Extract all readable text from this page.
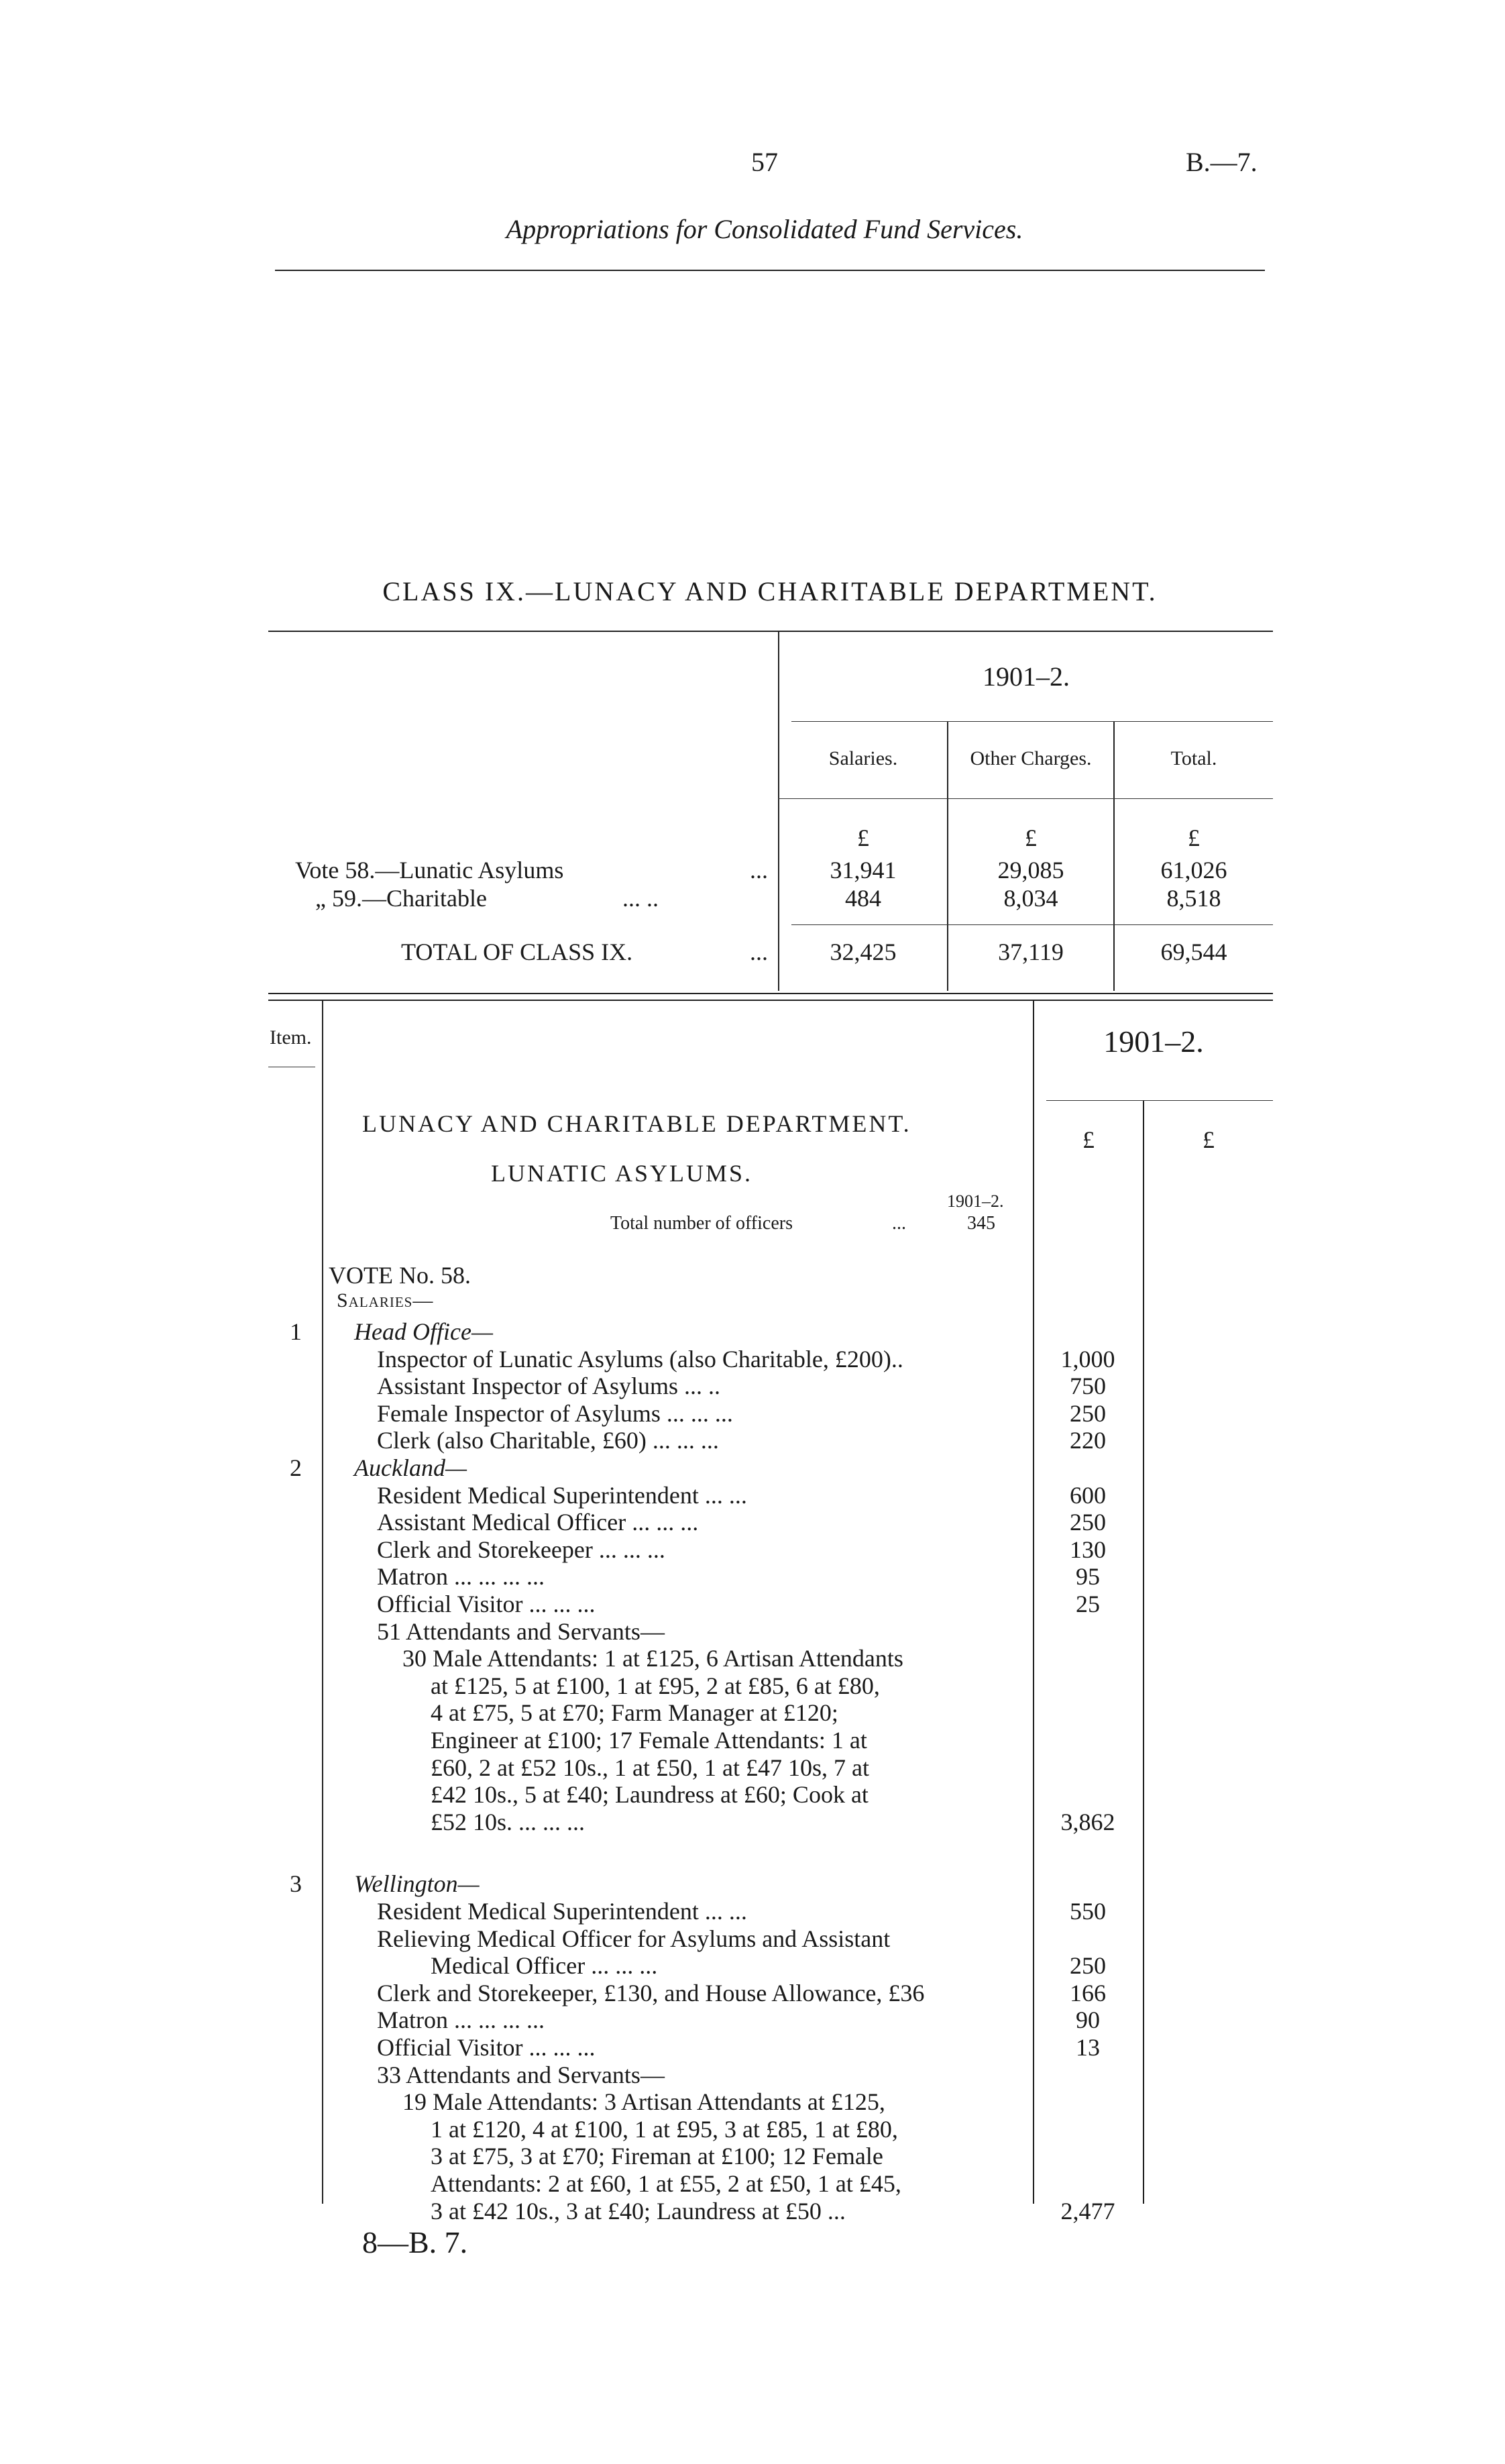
57	B.—7.
Appropriations for Consolidated Fund Services.
CLASS IX.—LUNACY AND CHARITABLE DEPARTMENT.
1901–2.
Salaries.	Other Charges.	Total.
£	£	£
Vote 58.—Lunatic Asylums	...	31,941	29,085	61,026
„ 59.—Charitable	... ..	484	8,034	8,518
TOTAL OF CLASS IX.	...	32,425	37,119	69,544
Item.	1901–2.
£	£
LUNACY AND CHARITABLE DEPARTMENT.
LUNATIC ASYLUMS.
1901–2.
Total number of officers	...	345
VOTE No. 58.
Salaries—
1 Head Office—
Inspector of Lunatic Asylums (also Charitable, £200)..	1,000
Assistant Inspector of Asylums ... ..	750
Female Inspector of Asylums ... ... ...	250
Clerk (also Charitable, £60) ... ... ...	220
2 Auckland—
Resident Medical Superintendent ... ...	600
Assistant Medical Officer ... ... ...	250
Clerk and Storekeeper ... ... ...	130
Matron ... ... ... ...	95
Official Visitor ... ... ...	25
51 Attendants and Servants—
30 Male Attendants: 1 at £125, 6 Artisan Attendants
at £125, 5 at £100, 1 at £95, 2 at £85, 6 at £80,
4 at £75, 5 at £70; Farm Manager at £120;
Engineer at £100; 17 Female Attendants: 1 at
£60, 2 at £52 10s., 1 at £50, 1 at £47 10s, 7 at
£42 10s., 5 at £40; Laundress at £60; Cook at
£52 10s. ... ... ...	3,862
3 Wellington—
Resident Medical Superintendent ... ...	550
Relieving Medical Officer for Asylums and Assistant
Medical Officer ... ... ...	250
Clerk and Storekeeper, £130, and House Allowance, £36	166
Matron ... ... ... ...	90
Official Visitor ... ... ...	13
33 Attendants and Servants—
19 Male Attendants: 3 Artisan Attendants at £125,
1 at £120, 4 at £100, 1 at £95, 3 at £85, 1 at £80,
3 at £75, 3 at £70; Fireman at £100; 12 Female
Attendants: 2 at £60, 1 at £55, 2 at £50, 1 at £45,
3 at £42 10s., 3 at £40; Laundress at £50 ...	2,477
8—B. 7.
